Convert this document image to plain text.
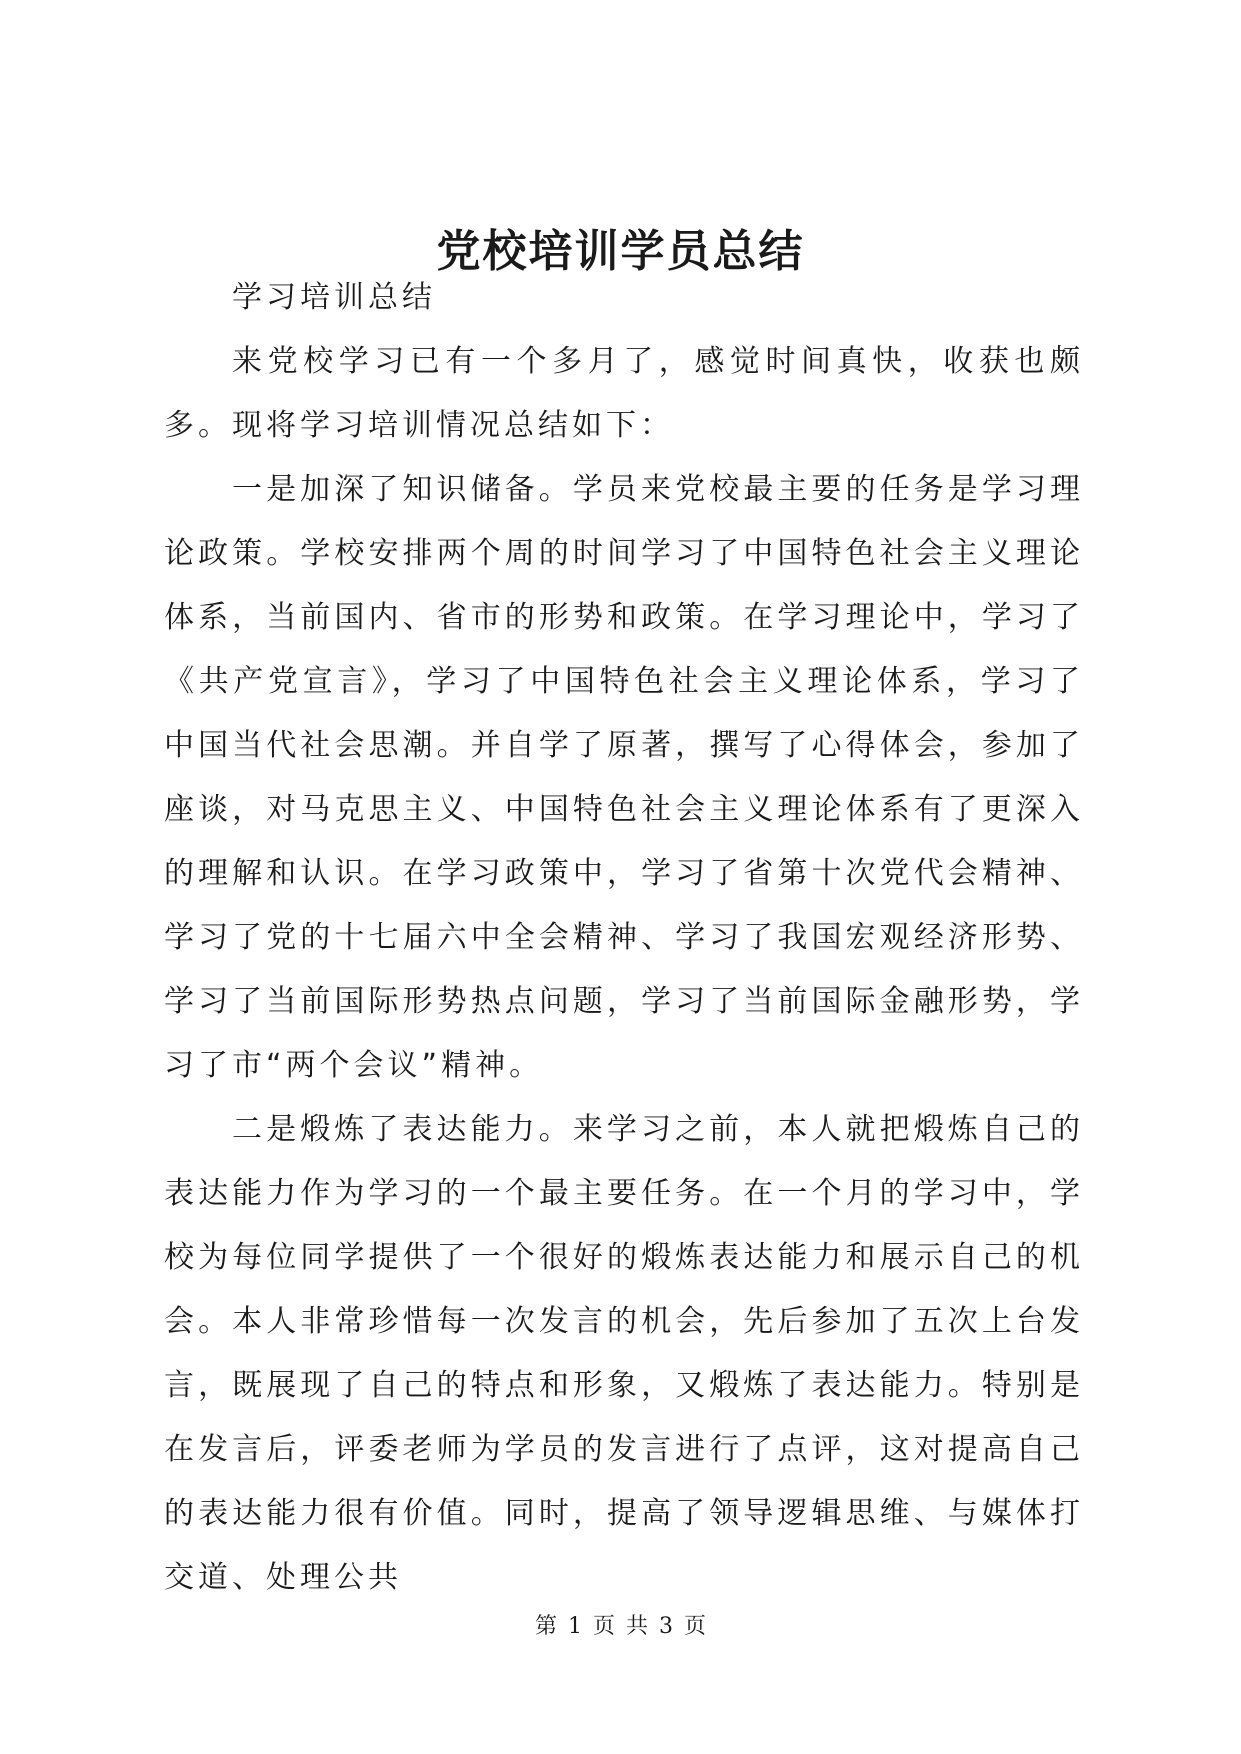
党校培训学员总结

学习培训总结

来党校学习已有一个多月了，感觉时间真快，收获也颇多。现将学习培训情况总结如下：

一是加深了知识储备。学员来党校最主要的任务是学习理论政策。学校安排两个周的时间学习了中国特色社会主义理论体系，当前国内、省市的形势和政策。在学习理论中，学习了《共产党宣言》，学习了中国特色社会主义理论体系，学习了中国当代社会思潮。并自学了原著，撰写了心得体会，参加了座谈，对马克思主义、中国特色社会主义理论体系有了更深入的理解和认识。在学习政策中，学习了省第十次党代会精神、学习了党的十七届六中全会精神、学习了我国宏观经济形势、学习了当前国际形势热点问题，学习了当前国际金融形势，学习了市“两个会议”精神。

二是煅炼了表达能力。来学习之前，本人就把煅炼自己的表达能力作为学习的一个最主要任务。在一个月的学习中，学校为每位同学提供了一个很好的煅炼表达能力和展示自己的机会。本人非常珍惜每一次发言的机会，先后参加了五次上台发言，既展现了自己的特点和形象，又煅炼了表达能力。特别是在发言后，评委老师为学员的发言进行了点评，这对提高自己的表达能力很有价值。同时，提高了领导逻辑思维、与媒体打交道、处理公共

第 1 页 共 3 页
